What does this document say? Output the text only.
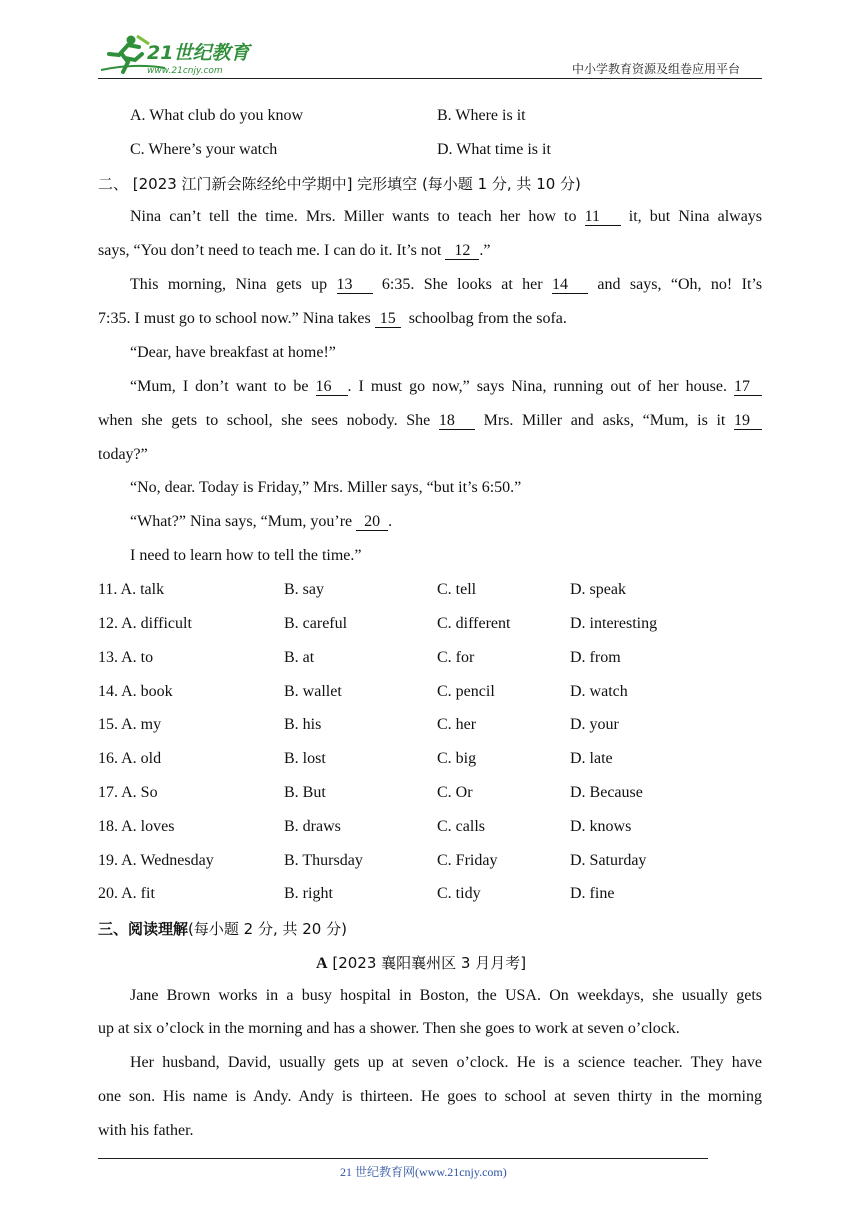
21世纪教育
www.21cnjy.com	中小学教育资源及组卷应用平台
A. What club do you know	B. Where is it
C. Where’s your watch	D. What time is it
二、 [2023 江门新会陈经纶中学期中] 完形填空 (每小题 1 分, 共 10 分)
Nina can’t tell the time. Mrs. Miller wants to teach her how to 11 it, but Nina always
says, “You don’t need to teach me. I can do it. It’s not 12 .”
This morning, Nina gets up 13 6:35. She looks at her 14 and says, “Oh, no! It’s
7:35. I must go to school now.” Nina takes 15 schoolbag from the sofa.
“Dear, have breakfast at home!”
“Mum, I don’t want to be 16 . I must go now,” says Nina, running out of her house. 17
when she gets to school, she sees nobody. She 18 Mrs. Miller and asks, “Mum, is it 19
today?”
“No, dear. Today is Friday,” Mrs. Miller says, “but it’s 6:50.”
“What?” Nina says, “Mum, you’re 20 .
I need to learn how to tell the time.”
11. A. talk	B. say	C. tell	D. speak
12. A. difficult	B. careful	C. different	D. interesting
13. A. to	B. at	C. for	D. from
14. A. book	B. wallet	C. pencil	D. watch
15. A. my	B. his	C. her	D. your
16. A. old	B. lost	C. big	D. late
17. A. So	B. But	C. Or	D. Because
18. A. loves	B. draws	C. calls	D. knows
19. A. Wednesday	B. Thursday	C. Friday	D. Saturday
20. A. fit	B. right	C. tidy	D. fine
三、阅读理解(每小题 2 分, 共 20 分)
A [2023 襄阳襄州区 3 月月考]
Jane Brown works in a busy hospital in Boston, the USA. On weekdays, she usually gets
up at six o’clock in the morning and has a shower. Then she goes to work at seven o’clock.
Her husband, David, usually gets up at seven o’clock. He is a science teacher. They have
one son. His name is Andy. Andy is thirteen. He goes to school at seven thirty in the morning
with his father.
21 世纪教育网(www.21cnjy.com)
